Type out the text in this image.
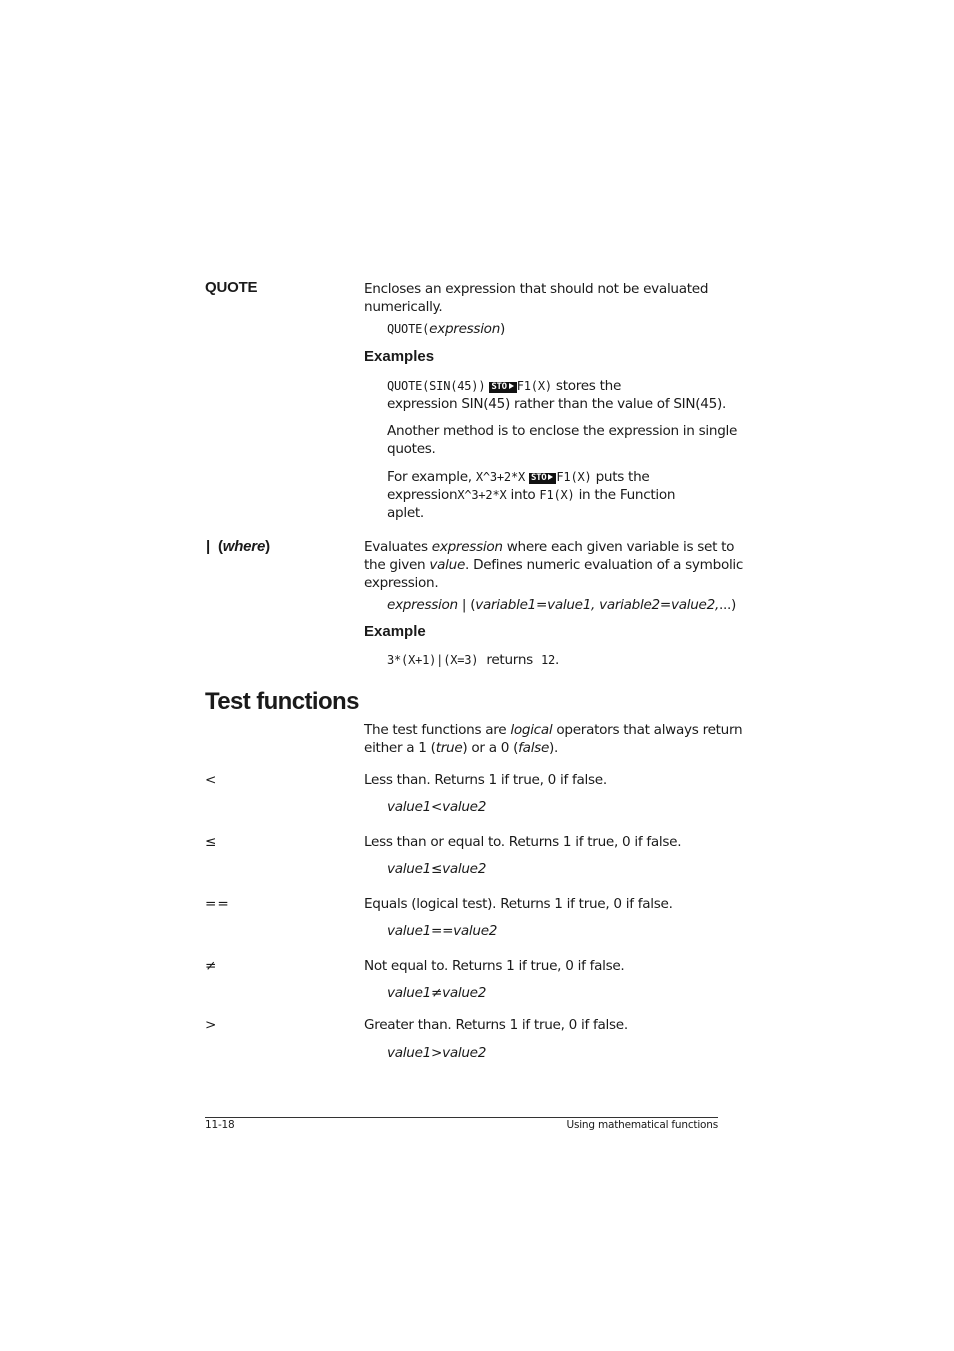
QUOTE	Encloses an expression that should not be evaluated
numerically.
QUOTE(expression)
Examples
QUOTE(SIN(45)) STO F1(X) stores the
expression SIN(45) rather than the value of SIN(45).
Another method is to enclose the expression in single
quotes.
For example, X^3+2*X STO F1(X) puts the
expressionX^3+2*X into F1(X) in the Function
aplet.
| (where)	Evaluates expression where each given variable is set to
the given value. Defines numeric evaluation of a symbolic
expression.
expression | (variable1=value1, variable2=value2,...)
Example
3*(X+1)|(X=3) returns 12.
Test functions
The test functions are logical operators that always return
either a 1 (true) or a 0 (false).
<	Less than. Returns 1 if true, 0 if false.
value1<value2
≤	Less than or equal to. Returns 1 if true, 0 if false.
value1≤value2
==	Equals (logical test). Returns 1 if true, 0 if false.
value1==value2
≠	Not equal to. Returns 1 if true, 0 if false.
value1≠value2
>	Greater than. Returns 1 if true, 0 if false.
value1>value2
11-18	Using mathematical functions
